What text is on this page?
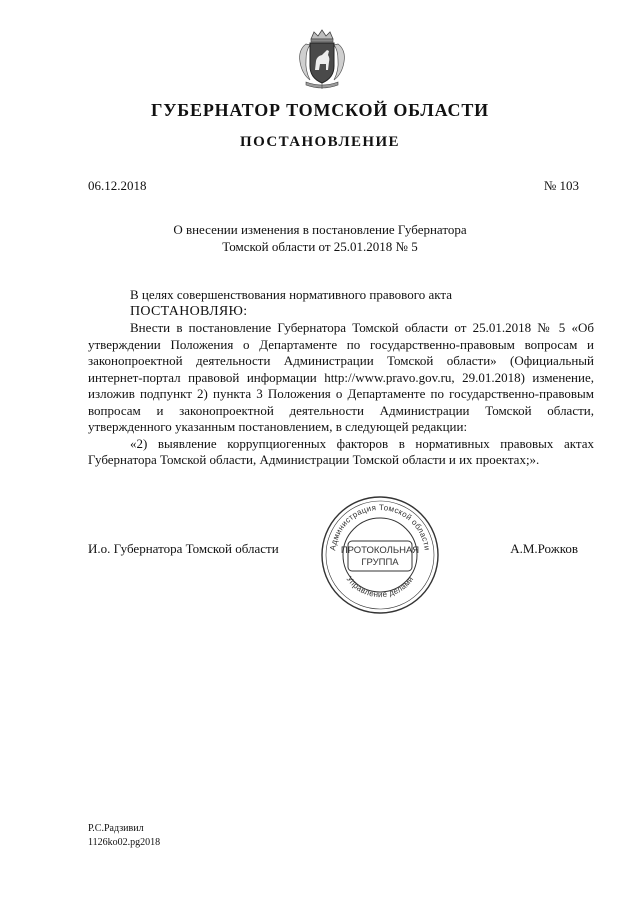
ГУБЕРНАТОР ТОМСКОЙ ОБЛАСТИ
ПОСТАНОВЛЕНИЕ
06.12.2018	№ 103
О внесении изменения в постановление Губернатора
Томской области от 25.01.2018 № 5
В целях совершенствования нормативного правового акта
ПОСТАНОВЛЯЮ:
Внести в постановление Губернатора Томской области от 25.01.2018 № 5 «Об утверждении Положения о Департаменте по государственно-правовым вопросам и законопроектной деятельности Администрации Томской области» (Официальный интернет-портал правовой информации http://www.pravo.gov.ru, 29.01.2018) изменение, изложив подпункт 2) пункта 3 Положения о Департаменте по государственно-правовым вопросам и законопроектной деятельности Администрации Томской области, утвержденного указанным постановлением, в следующей редакции:
«2) выявление коррупциогенных факторов в нормативных правовых актах Губернатора Томской области, Администрации Томской области и их проектах;».
И.о. Губернатора Томской области	А.М.Рожков
Администрация Томской области
Управление делами
ПРОТОКОЛЬНАЯ
ГРУППА
Р.С.Радзивил
1126ko02.pg2018
